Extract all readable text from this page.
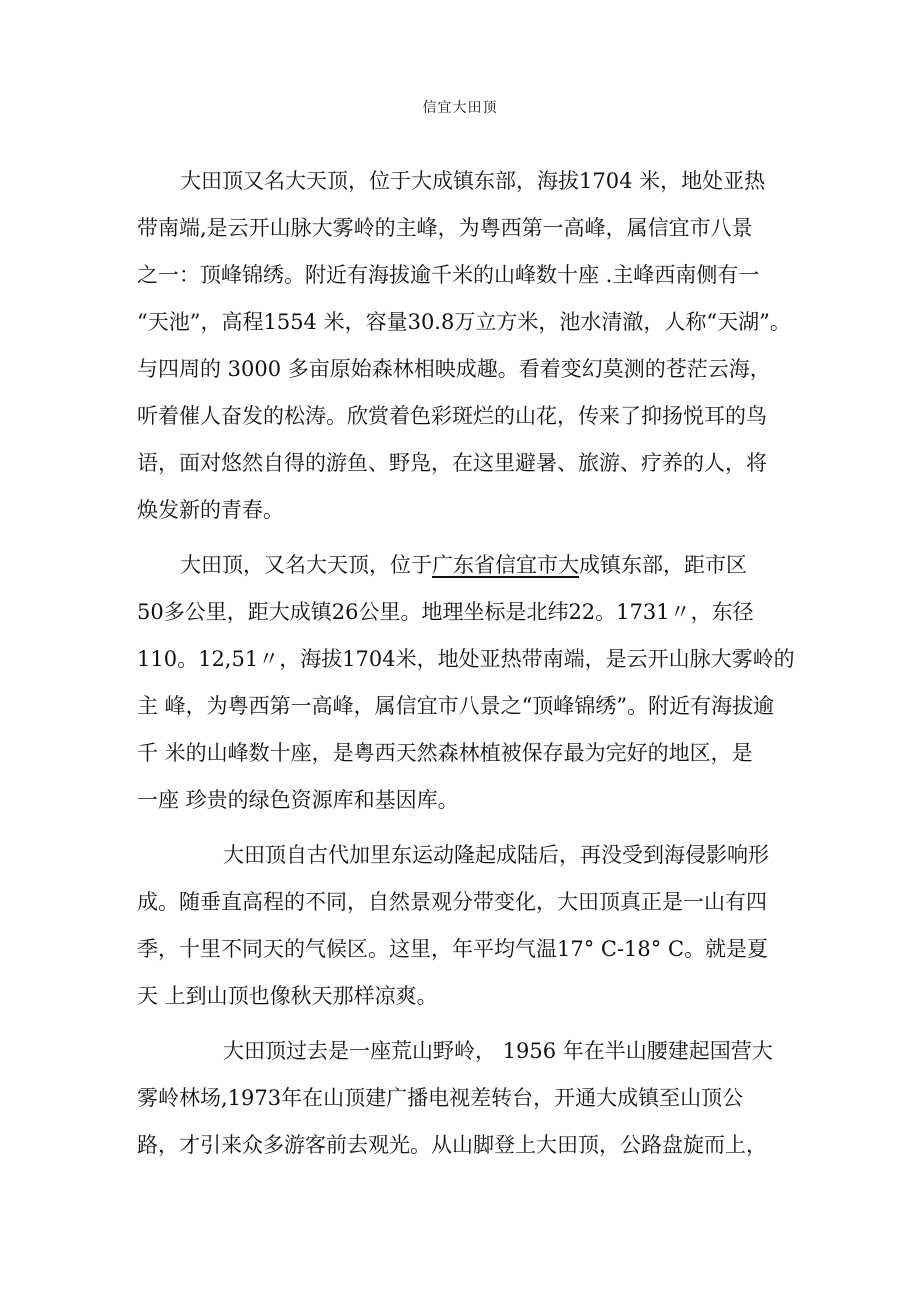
信宜大田顶
大田顶又名大天顶，位于大成镇东部，海拔1704 米，地处亚热
带南端,是云开山脉大雾岭的主峰，为粤西第一高峰，属信宜市八景
之一：顶峰锦绣。附近有海拔逾千米的山峰数十座 .主峰西南侧有一
“天池”，高程1554 米，容量30.8万立方米，池水清澈，人称“天湖”。
与四周的 3000 多亩原始森林相映成趣。看着变幻莫测的苍茫云海，
听着催人奋发的松涛。欣赏着色彩斑烂的山花，传来了抑扬悦耳的鸟
语，面对悠然自得的游鱼、野凫，在这里避暑、旅游、疗养的人，将
焕发新的青春。
大田顶，又名大天顶，位于广东省信宜市大成镇东部，距市区
50多公里，距大成镇26公里。地理坐标是北纬22。1731〃，东径
110。12,51〃，海拔1704米，地处亚热带南端，是云开山脉大雾岭的
主 峰，为粤西第一高峰，属信宜市八景之“顶峰锦绣”。附近有海拔逾
千 米的山峰数十座，是粤西天然森林植被保存最为完好的地区，是
一座 珍贵的绿色资源库和基因库。
大田顶自古代加里东运动隆起成陆后，再没受到海侵影响形
成。随垂直高程的不同，自然景观分带变化，大田顶真正是一山有四
季，十里不同天的气候区。这里，年平均气温17° C-18° C。就是夏
天 上到山顶也像秋天那样凉爽。
大田顶过去是一座荒山野岭， 1956 年在半山腰建起国营大
雾岭林场,1973年在山顶建广播电视差转台，开通大成镇至山顶公
路，才引来众多游客前去观光。从山脚登上大田顶，公路盘旋而上，
